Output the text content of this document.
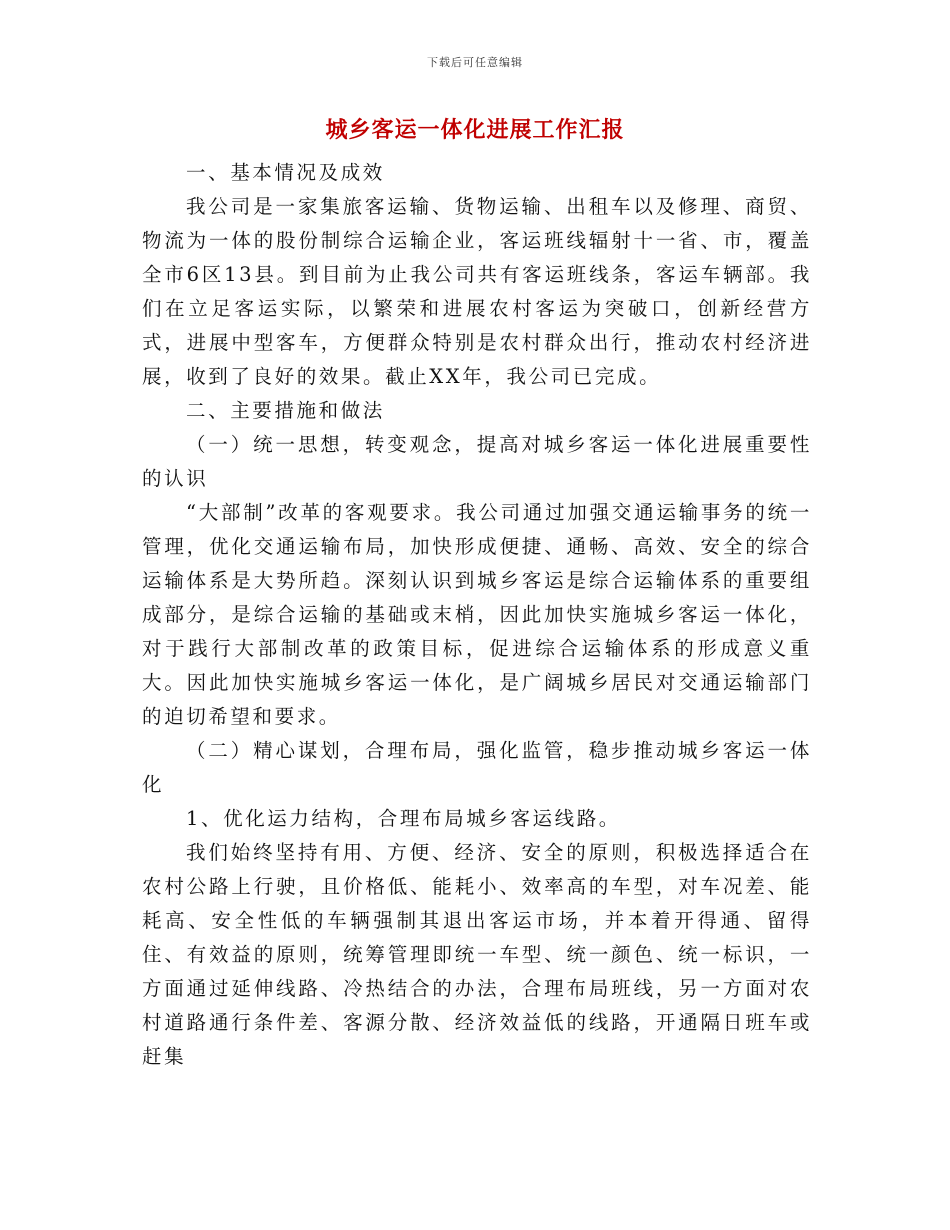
下载后可任意编辑
城乡客运一体化进展工作汇报

一、基本情况及成效

我公司是一家集旅客运输、货物运输、出租车以及修理、商贸、物流为一体的股份制综合运输企业，客运班线辐射十一省、市，覆盖全市6区13县。到目前为止我公司共有客运班线条，客运车辆部。我们在立足客运实际，以繁荣和进展农村客运为突破口，创新经营方式，进展中型客车，方便群众特别是农村群众出行，推动农村经济进展，收到了良好的效果。截止XX年，我公司已完成。

二、主要措施和做法

（一）统一思想，转变观念，提高对城乡客运一体化进展重要性的认识

“大部制”改革的客观要求。我公司通过加强交通运输事务的统一管理，优化交通运输布局，加快形成便捷、通畅、高效、安全的综合运输体系是大势所趋。深刻认识到城乡客运是综合运输体系的重要组成部分，是综合运输的基础或末梢，因此加快实施城乡客运一体化，对于践行大部制改革的政策目标，促进综合运输体系的形成意义重大。因此加快实施城乡客运一体化，是广阔城乡居民对交通运输部门的迫切希望和要求。

（二）精心谋划，合理布局，强化监管，稳步推动城乡客运一体化

1、优化运力结构，合理布局城乡客运线路。

我们始终坚持有用、方便、经济、安全的原则，积极选择适合在农村公路上行驶，且价格低、能耗小、效率高的车型，对车况差、能耗高、安全性低的车辆强制其退出客运市场，并本着开得通、留得住、有效益的原则，统筹管理即统一车型、统一颜色、统一标识，一方面通过延伸线路、冷热结合的办法，合理布局班线，另一方面对农村道路通行条件差、客源分散、经济效益低的线路，开通隔日班车或赶集
